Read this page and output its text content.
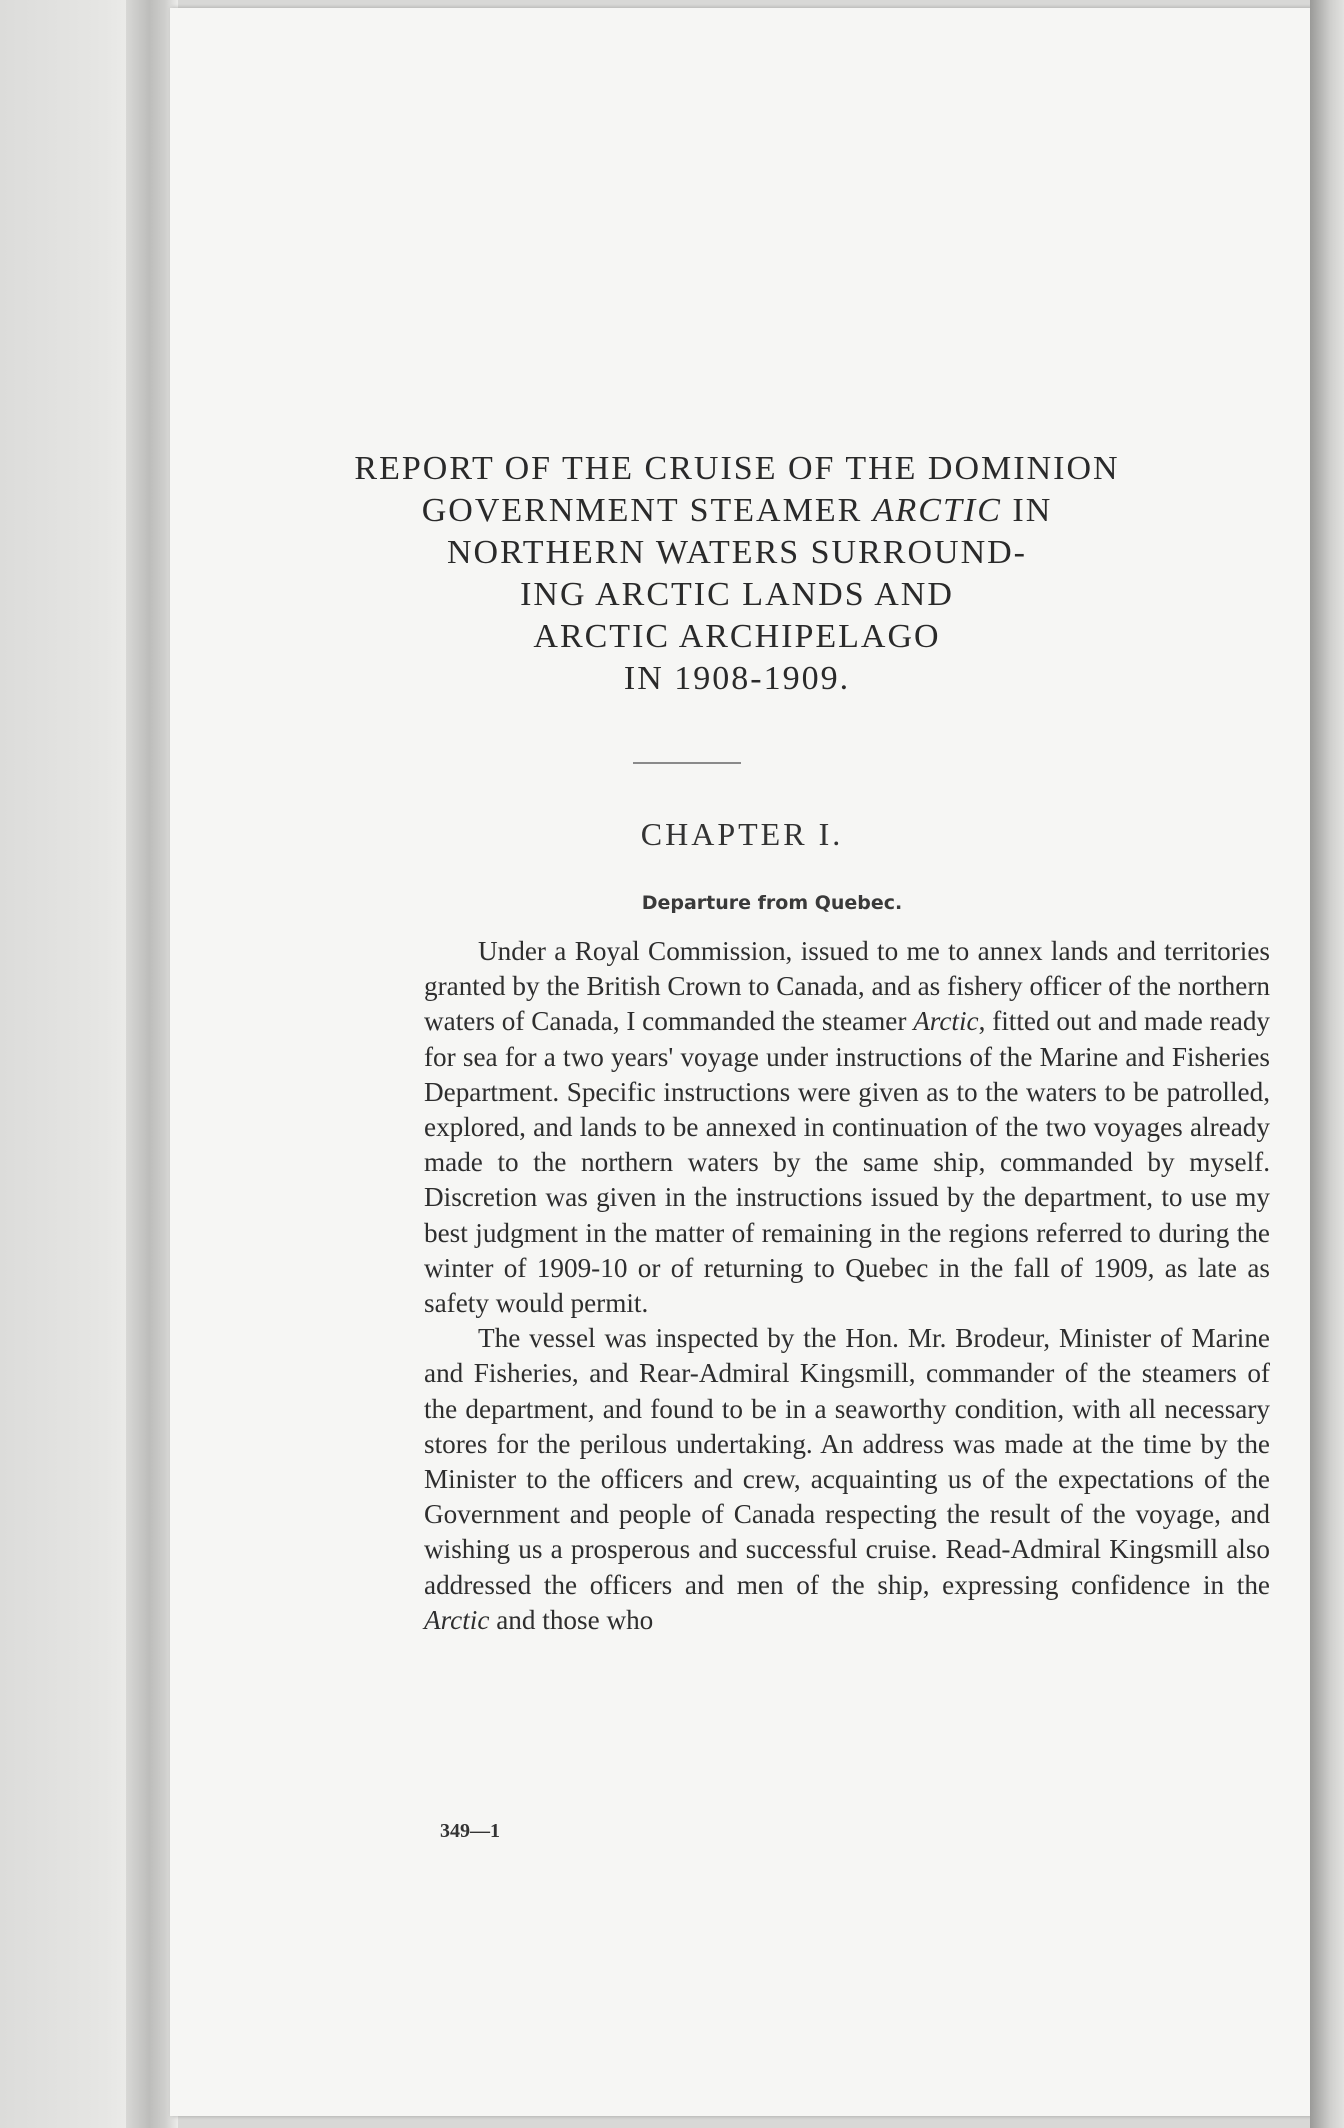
REPORT OF THE CRUISE OF THE DOMINION
GOVERNMENT STEAMER ARCTIC IN
NORTHERN WATERS SURROUND-
ING ARCTIC LANDS AND
ARCTIC ARCHIPELAGO
IN 1908-1909.
CHAPTER I.
Departure from Quebec.

Under a Royal Commission, issued to me to annex lands and territories granted by the British Crown to Canada, and as fishery officer of the northern waters of Canada, I commanded the steamer Arctic, fitted out and made ready for sea for a two years' voyage under instructions of the Marine and Fisheries Department. Specific instructions were given as to the waters to be patrolled, explored, and lands to be annexed in continuation of the two voyages already made to the northern waters by the same ship, commanded by myself. Discretion was given in the instructions issued by the department, to use my best judgment in the matter of remaining in the regions referred to during the winter of 1909-10 or of returning to Quebec in the fall of 1909, as late as safety would permit.

The vessel was inspected by the Hon. Mr. Brodeur, Minister of Marine and Fisheries, and Rear-Admiral Kingsmill, commander of the steamers of the department, and found to be in a seaworthy condition, with all necessary stores for the perilous undertaking. An address was made at the time by the Minister to the officers and crew, acquainting us of the expectations of the Government and people of Canada respecting the result of the voyage, and wishing us a prosperous and successful cruise. Read-Admiral Kingsmill also addressed the officers and men of the ship, expressing confidence in the Arctic and those who

349—1
